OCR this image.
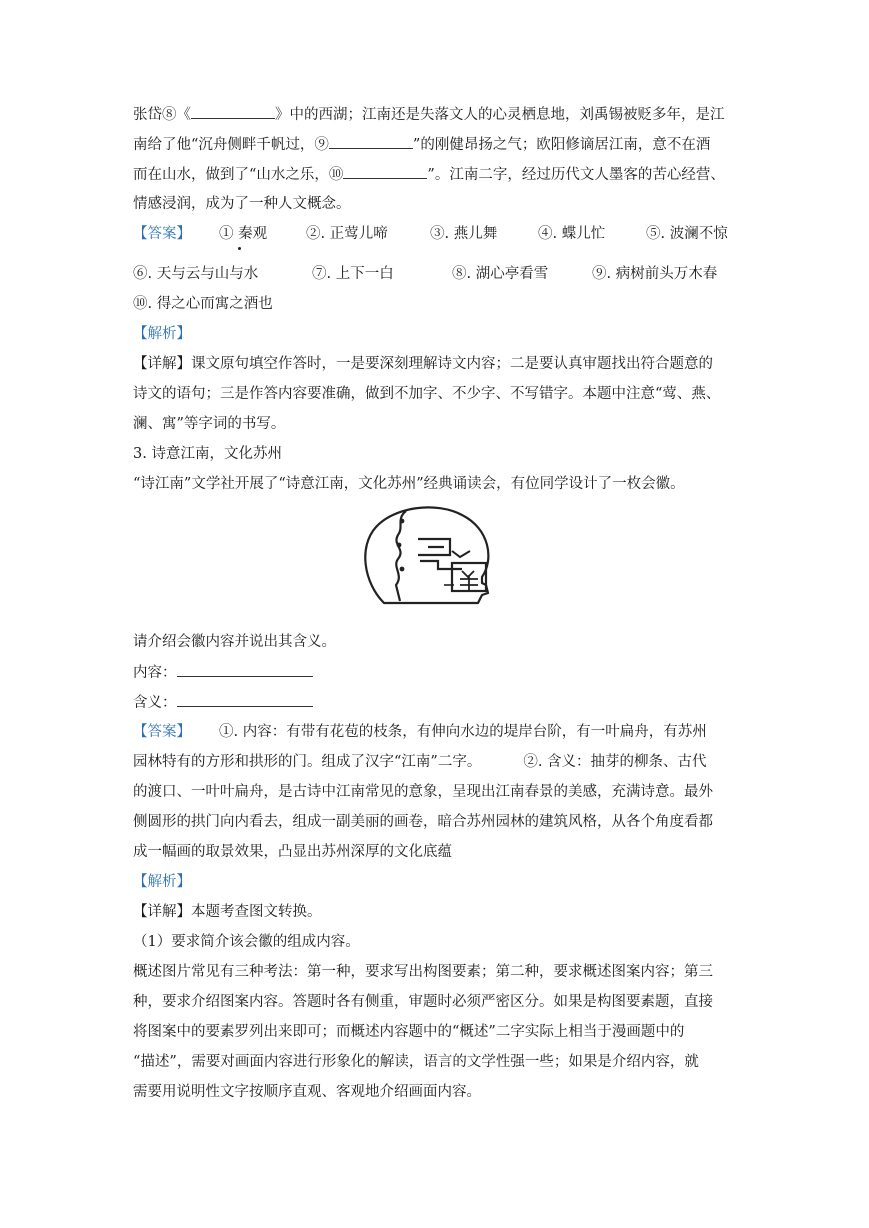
张岱⑧《	》中的西湖；江南还是失落文人的心灵栖息地，刘禹锡被贬多年，是江
南给了他“沉舟侧畔千帆过，⑨	”的刚健昂扬之气；欧阳修谪居江南，意不在酒
而在山水，做到了“山水之乐，⑩	”。江南二字，经过历代文人墨客的苦心经营、
情感浸润，成为了一种人文概念。
【答案】 ① 秦观	②. 正莺儿啼	③. 燕儿舞	④. 蝶儿忙	⑤. 波澜不惊
⑥. 天与云与山与水	⑦. 上下一白	⑧. 湖心亭看雪	⑨. 病树前头万木春
⑩. 得之心而寓之酒也
【解析】
【详解】课文原句填空作答时，一是要深刻理解诗文内容；二是要认真审题找出符合题意的
诗文的语句；三是作答内容要准确，做到不加字、不少字、不写错字。本题中注意“莺、燕、
澜、寓”等字词的书写。
3. 诗意江南，文化苏州
“诗江南”文学社开展了“诗意江南，文化苏州”经典诵读会，有位同学设计了一枚会徽。
请介绍会徽内容并说出其含义。
内容：
含义：
【答案】 ①. 内容：有带有花苞的枝条，有伸向水边的堤岸台阶，有一叶扁舟，有苏州
园林特有的方形和拱形的门。组成了汉字“江南”二字。	②. 含义：抽芽的柳条、古代
的渡口、一叶叶扁舟，是古诗中江南常见的意象，呈现出江南春景的美感，充满诗意。最外
侧圆形的拱门向内看去，组成一副美丽的画卷，暗合苏州园林的建筑风格，从各个角度看都
成一幅画的取景效果，凸显出苏州深厚的文化底蕴
【解析】
【详解】本题考查图文转换。
（1）要求简介该会徽的组成内容。
概述图片常见有三种考法：第一种，要求写出构图要素；第二种，要求概述图案内容；第三
种，要求介绍图案内容。答题时各有侧重，审题时必须严密区分。如果是构图要素题，直接
将图案中的要素罗列出来即可；而概述内容题中的“概述”二字实际上相当于漫画题中的
“描述”，需要对画面内容进行形象化的解读，语言的文学性强一些；如果是介绍内容，就
需要用说明性文字按顺序直观、客观地介绍画面内容。
